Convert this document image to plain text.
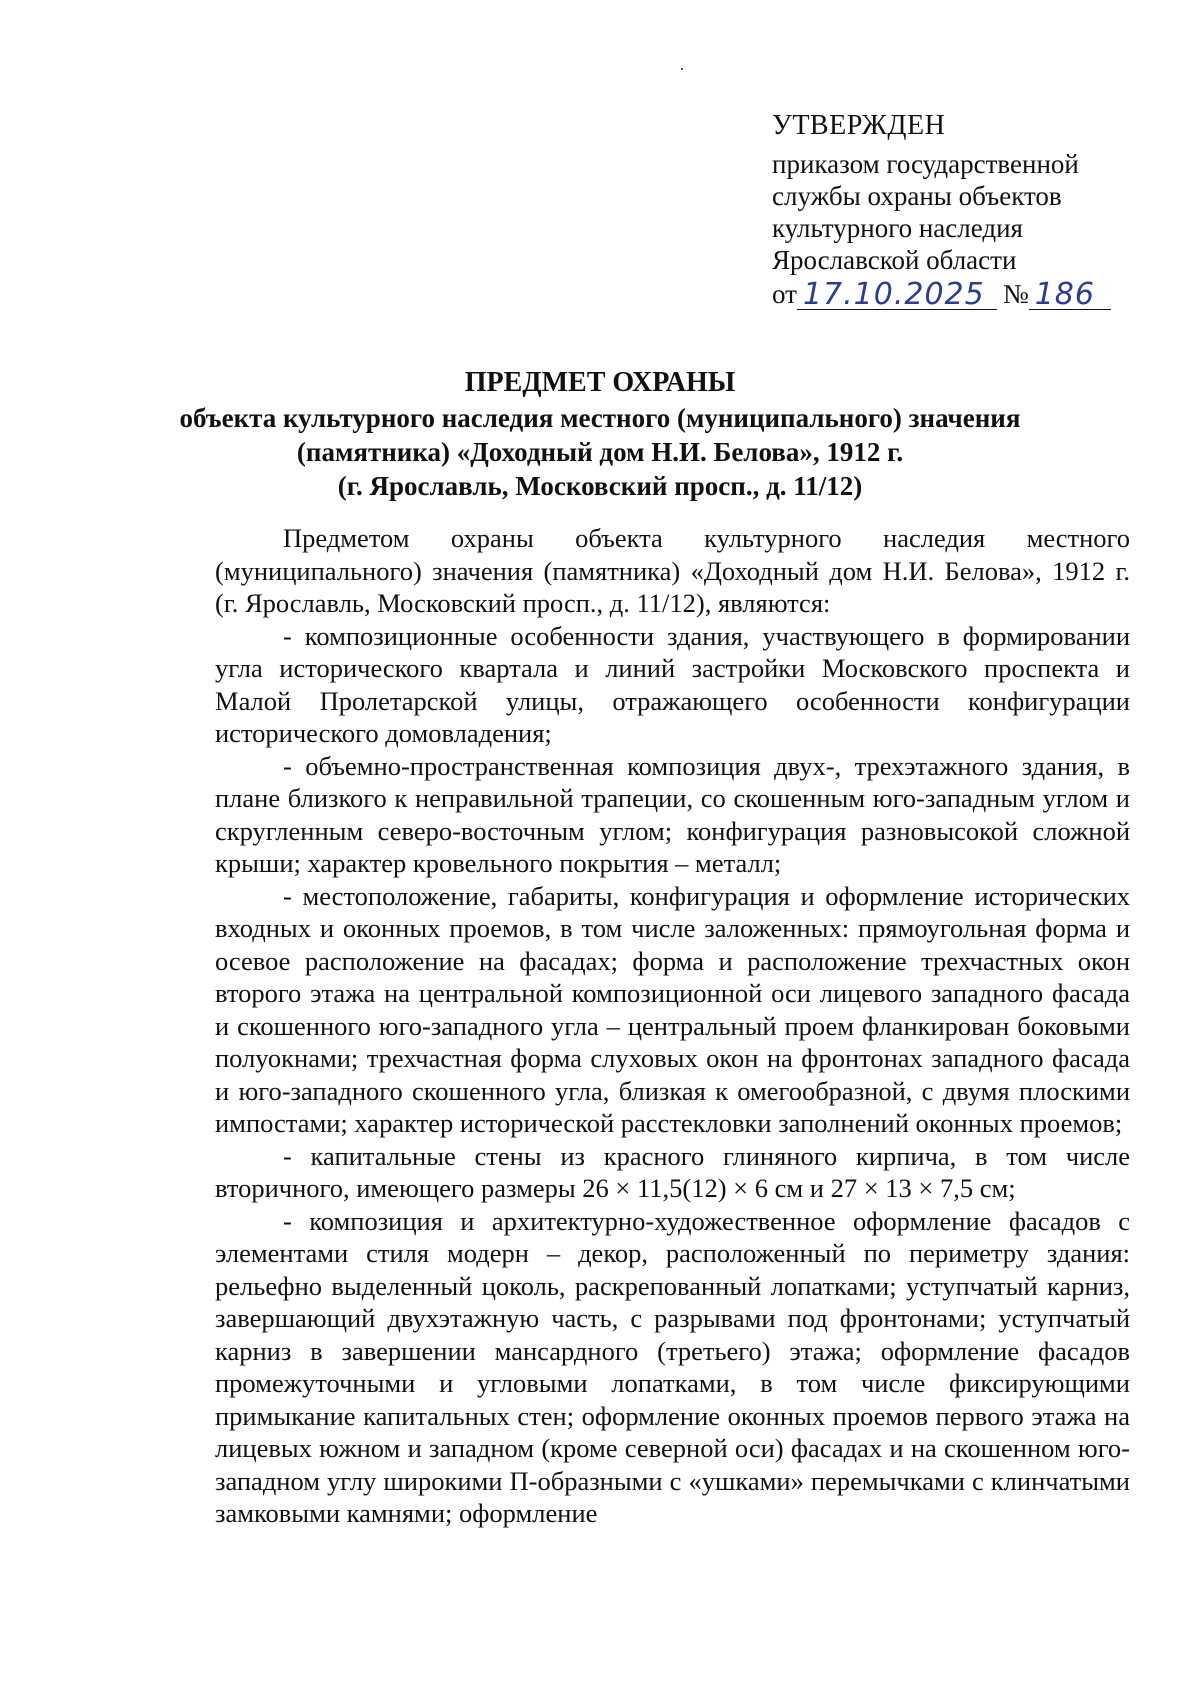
УТВЕРЖДЕН
приказом государственной
службы охраны объектов
культурного наследия
Ярославской области
от 17.10.2025 № 186
ПРЕДМЕТ ОХРАНЫ
объекта культурного наследия местного (муниципального) значения
(памятника) «Доходный дом Н.И. Белова», 1912 г.
(г. Ярославль, Московский просп., д. 11/12)

Предметом охраны объекта культурного наследия местного (муниципального) значения (памятника) «Доходный дом Н.И. Белова», 1912 г. (г. Ярославль, Московский просп., д. 11/12), являются:

- композиционные особенности здания, участвующего в формировании угла исторического квартала и линий застройки Московского проспекта и Малой Пролетарской улицы, отражающего особенности конфигурации исторического домовладения;

- объемно-пространственная композиция двух-, трехэтажного здания, в плане близкого к неправильной трапеции, со скошенным юго-западным углом и скругленным северо-восточным углом; конфигурация разновысокой сложной крыши; характер кровельного покрытия – металл;

- местоположение, габариты, конфигурация и оформление исторических входных и оконных проемов, в том числе заложенных: прямоугольная форма и осевое расположение на фасадах; форма и расположение трехчастных окон второго этажа на центральной композиционной оси лицевого западного фасада и скошенного юго-западного угла – центральный проем фланкирован боковыми полуокнами; трехчастная форма слуховых окон на фронтонах западного фасада и юго-западного скошенного угла, близкая к омегообразной, с двумя плоскими импостами; характер исторической расстекловки заполнений оконных проемов;

- капитальные стены из красного глиняного кирпича, в том числе вторичного, имеющего размеры 26 × 11,5(12) × 6 см и 27 × 13 × 7,5 см;

- композиция и архитектурно-художественное оформление фасадов с элементами стиля модерн – декор, расположенный по периметру здания: рельефно выделенный цоколь, раскрепованный лопатками; уступчатый карниз, завершающий двухэтажную часть, с разрывами под фронтонами; уступчатый карниз в завершении мансардного (третьего) этажа; оформление фасадов промежуточными и угловыми лопатками, в том числе фиксирующими примыкание капитальных стен; оформление оконных проемов первого этажа на лицевых южном и западном (кроме северной оси) фасадах и на скошенном юго-западном углу широкими П-образными с «ушками» перемычками с клинчатыми замковыми камнями; оформление
